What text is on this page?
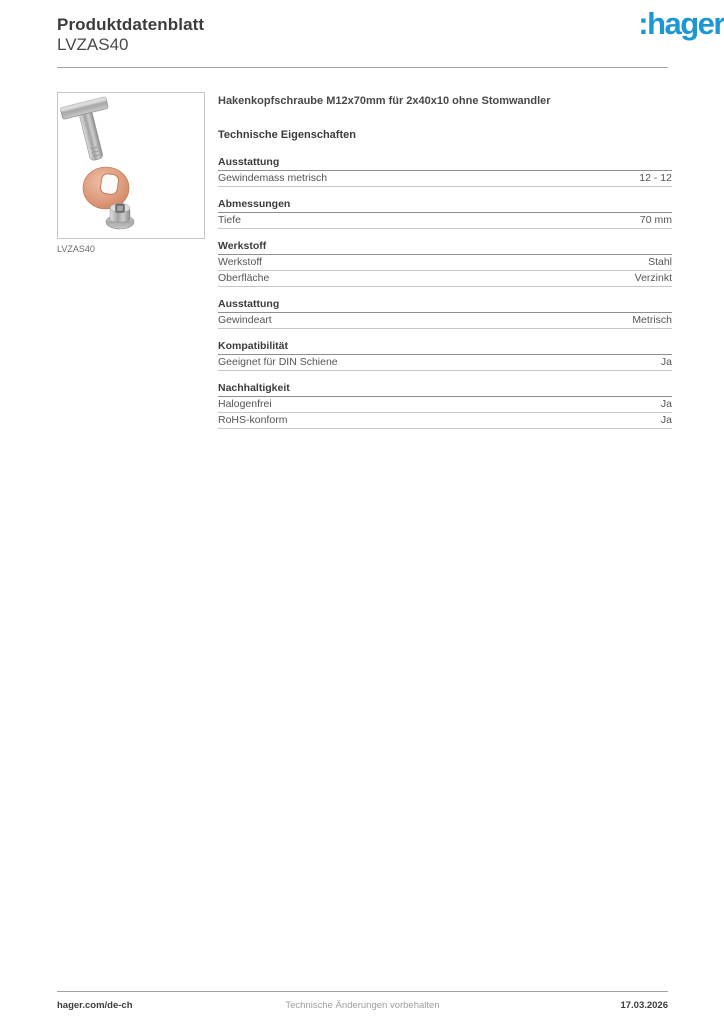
Produktdatenblatt
LVZAS40
:hager
LVZAS40
Hakenkopfschraube M12x70mm für 2x40x10 ohne Stomwandler
Technische Eigenschaften
Ausstattung
Gewindemass metrisch	12 - 12
Abmessungen
Tiefe	70 mm
Werkstoff
Werkstoff	Stahl
Oberfläche	Verzinkt
Ausstattung
Gewindeart	Metrisch
Kompatibilität
Geeignet für DIN Schiene	Ja
Nachhaltigkeit
Halogenfrei	Ja
RoHS-konform	Ja
hager.com/de-ch	Technische Änderungen vorbehalten	17.03.2026
